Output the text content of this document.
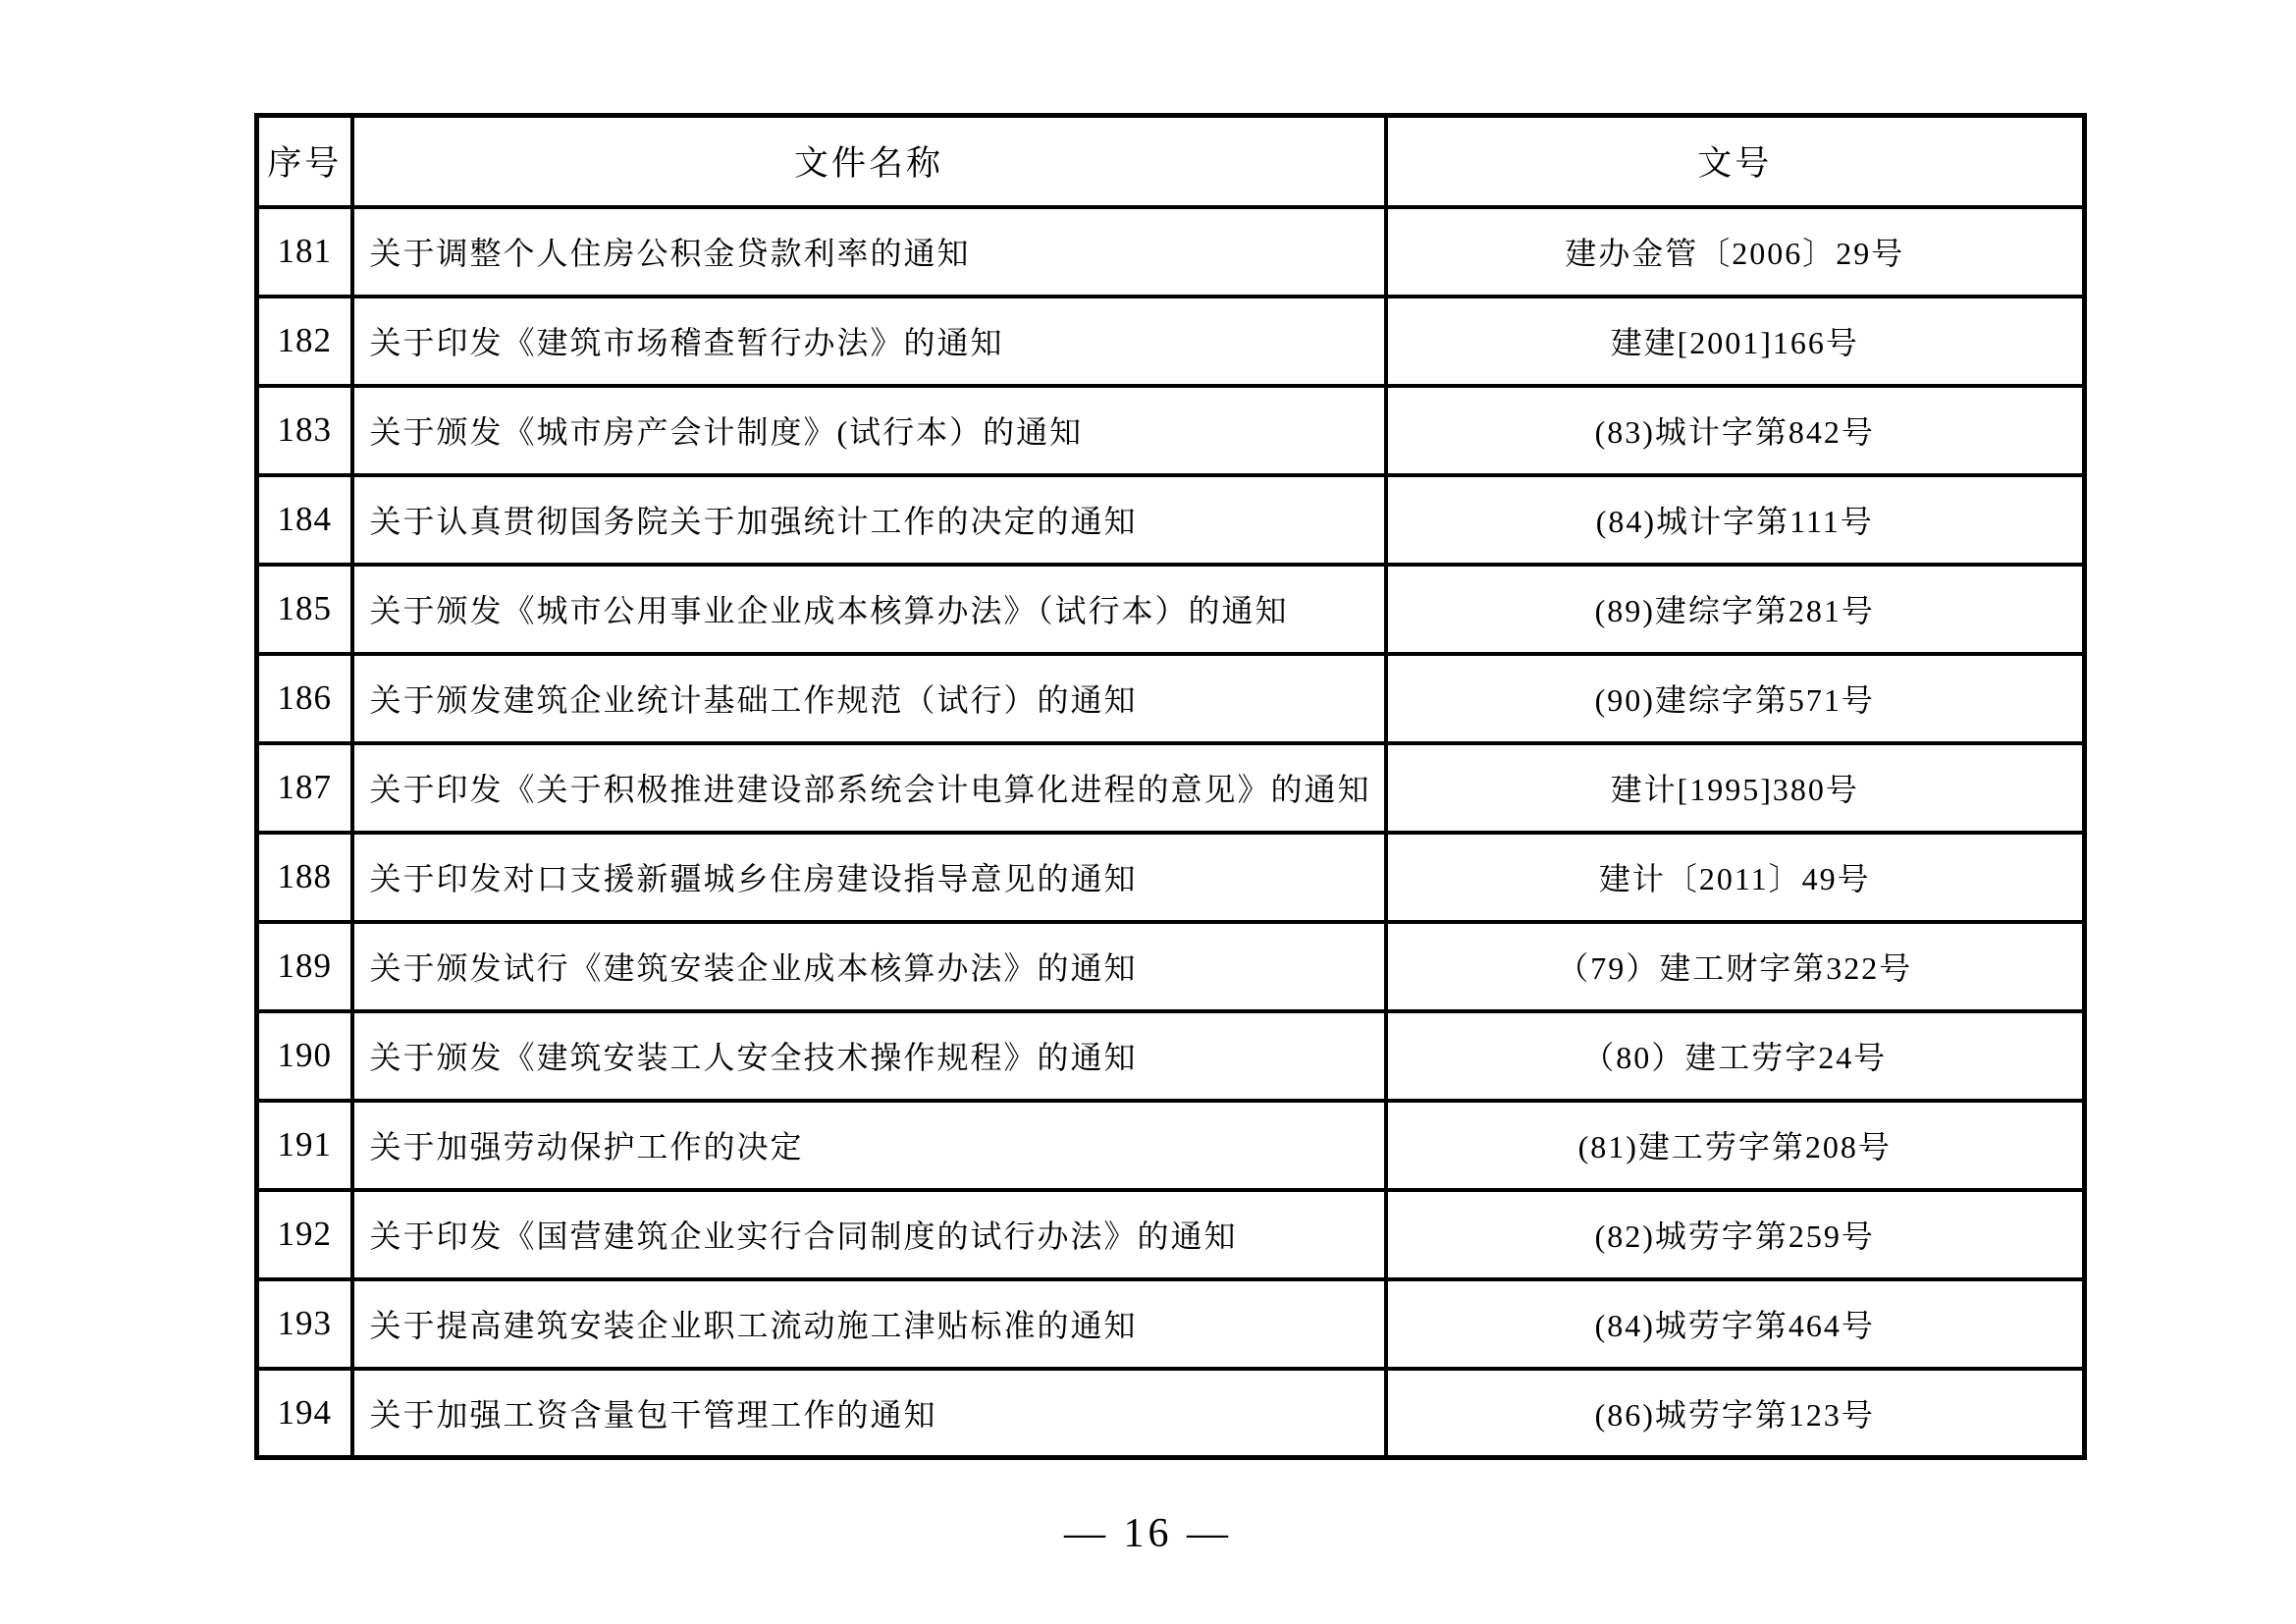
序号	文件名称	文号
181	关于调整个人住房公积金贷款利率的通知	建办金管〔2006〕29号
182	关于印发《建筑市场稽查暂行办法》的通知	建建[2001]166号
183	关于颁发《城市房产会计制度》(试行本）的通知	(83)城计字第842号
184	关于认真贯彻国务院关于加强统计工作的决定的通知	(84)城计字第111号
185	关于颁发《城市公用事业企业成本核算办法》（试行本）的通知	(89)建综字第281号
186	关于颁发建筑企业统计基础工作规范（试行）的通知	(90)建综字第571号
187	关于印发《关于积极推进建设部系统会计电算化进程的意见》的通知	建计[1995]380号
188	关于印发对口支援新疆城乡住房建设指导意见的通知	建计〔2011〕49号
189	关于颁发试行《建筑安装企业成本核算办法》的通知	（79）建工财字第322号
190	关于颁发《建筑安装工人安全技术操作规程》的通知	（80）建工劳字24号
191	关于加强劳动保护工作的决定	(81)建工劳字第208号
192	关于印发《国营建筑企业实行合同制度的试行办法》的通知	(82)城劳字第259号
193	关于提高建筑安装企业职工流动施工津贴标准的通知	(84)城劳字第464号
194	关于加强工资含量包干管理工作的通知	(86)城劳字第123号
— 16 —
